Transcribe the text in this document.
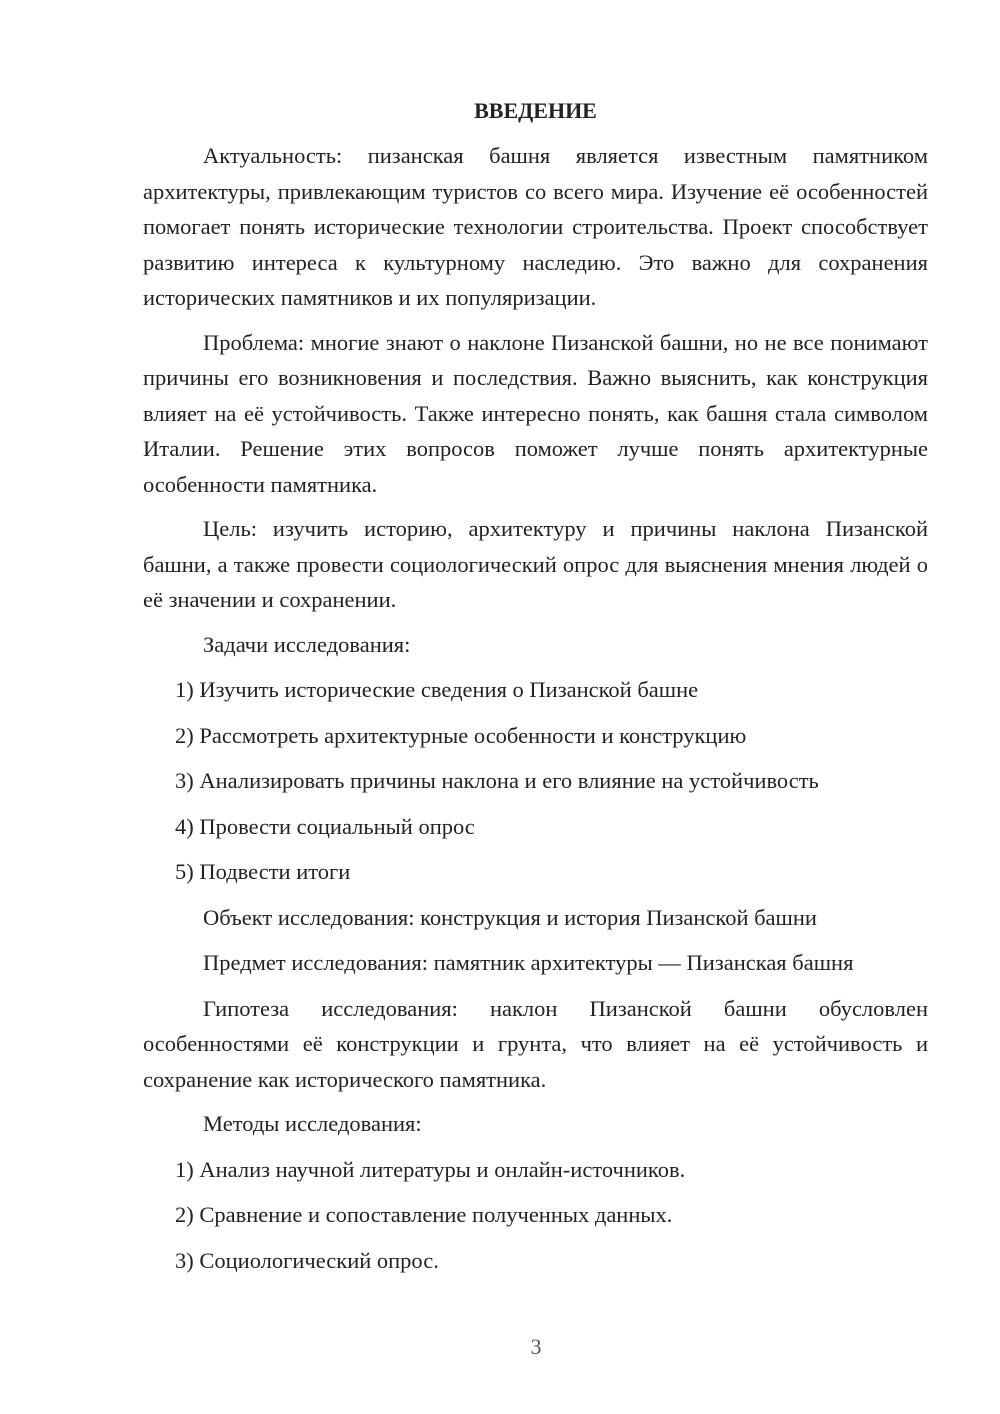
ВВЕДЕНИЕ

Актуальность: пизанская башня является известным памятником архитектуры, привлекающим туристов со всего мира. Изучение её особенностей помогает понять исторические технологии строительства. Проект способствует развитию интереса к культурному наследию. Это важно для сохранения исторических памятников и их популяризации.

Проблема: многие знают о наклоне Пизанской башни, но не все понимают причины его возникновения и последствия. Важно выяснить, как конструкция влияет на её устойчивость. Также интересно понять, как башня стала символом Италии. Решение этих вопросов поможет лучше понять архитектурные особенности памятника.

Цель: изучить историю, архитектуру и причины наклона Пизанской башни, а также провести социологический опрос для выяснения мнения людей о её значении и сохранении.

Задачи исследования:
1) Изучить исторические сведения о Пизанской башне
2) Рассмотреть архитектурные особенности и конструкцию
3) Анализировать причины наклона и его влияние на устойчивость
4) Провести социальный опрос
5) Подвести итоги
Объект исследования: конструкция и история Пизанской башни
Предмет исследования: памятник архитектуры — Пизанская башня

Гипотеза исследования: наклон Пизанской башни обусловлен особенностями её конструкции и грунта, что влияет на её устойчивость и сохранение как исторического памятника.

Методы исследования:
1) Анализ научной литературы и онлайн-источников.
2) Сравнение и сопоставление полученных данных.
3) Социологический опрос.
3
